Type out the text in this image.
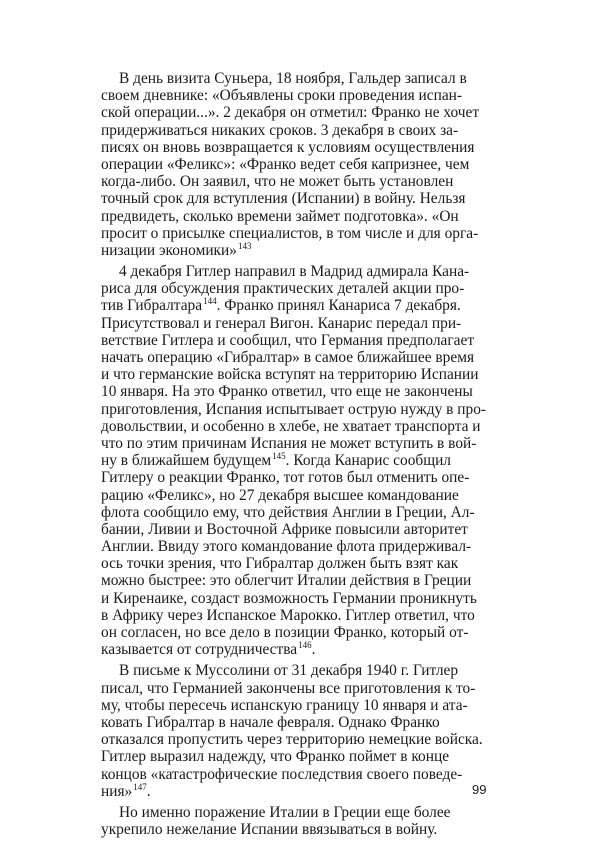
В день визита Суньера, 18 ноября, Гальдер записал в
своем дневнике: «Объявлены сроки проведения испан-
ской операции...». 2 декабря он отметил: Франко не хочет
придерживаться никаких сроков. 3 декабря в своих за-
писях он вновь возвращается к условиям осуществления
операции «Феликс»: «Франко ведет себя капризнее, чем
когда-либо. Он заявил, что не может быть установлен
точный срок для вступления (Испании) в войну. Нельзя
предвидеть, сколько времени займет подготовка». «Он
просит о присылке специалистов, в том числе и для орга-
низации экономики»$^{143}$
4 декабря Гитлер направил в Мадрид адмирала Кана-
риса для обсуждения практических деталей акции про-
тив Гибралтара$^{144}$. Франко принял Канариса 7 декабря.
Присутствовал и генерал Вигон. Канарис передал при-
ветствие Гитлера и сообщил, что Германия предполагает
начать операцию «Гибралтар» в самое ближайшее время
и что германские войска вступят на территорию Испании
10 января. На это Франко ответил, что еще не закончены
приготовления, Испания испытывает острую нужду в про-
довольствии, и особенно в хлебе, не хватает транспорта и
что по этим причинам Испания не может вступить в вой-
ну в ближайшем будущем$^{145}$. Когда Канарис сообщил
Гитлеру о реакции Франко, тот готов был отменить опе-
рацию «Феликс», но 27 декабря высшее командование
флота сообщило ему, что действия Англии в Греции, Ал-
бании, Ливии и Восточной Африке повысили авторитет
Англии. Ввиду этого командование флота придерживал-
ось точки зрения, что Гибралтар должен быть взят как
можно быстрее: это облегчит Италии действия в Греции
и Киренаике, создаст возможность Германии проникнуть
в Африку через Испанское Марокко. Гитлер ответил, что
он согласен, но все дело в позиции Франко, который от-
казывается от сотрудничества$^{146}$.
В письме к Муссолини от 31 декабря 1940 г. Гитлер
писал, что Германией закончены все приготовления к то-
му, чтобы пересечь испанскую границу 10 января и ата-
ковать Гибралтар в начале февраля. Однако Франко
отказался пропустить через территорию немецкие войска.
Гитлер выразил надежду, что Франко поймет в конце
концов «катастрофические последствия своего поведе-
ния»$^{147}$.
Но именно поражение Италии в Греции еще более
укрепило нежелание Испании ввязываться в войну.
99
